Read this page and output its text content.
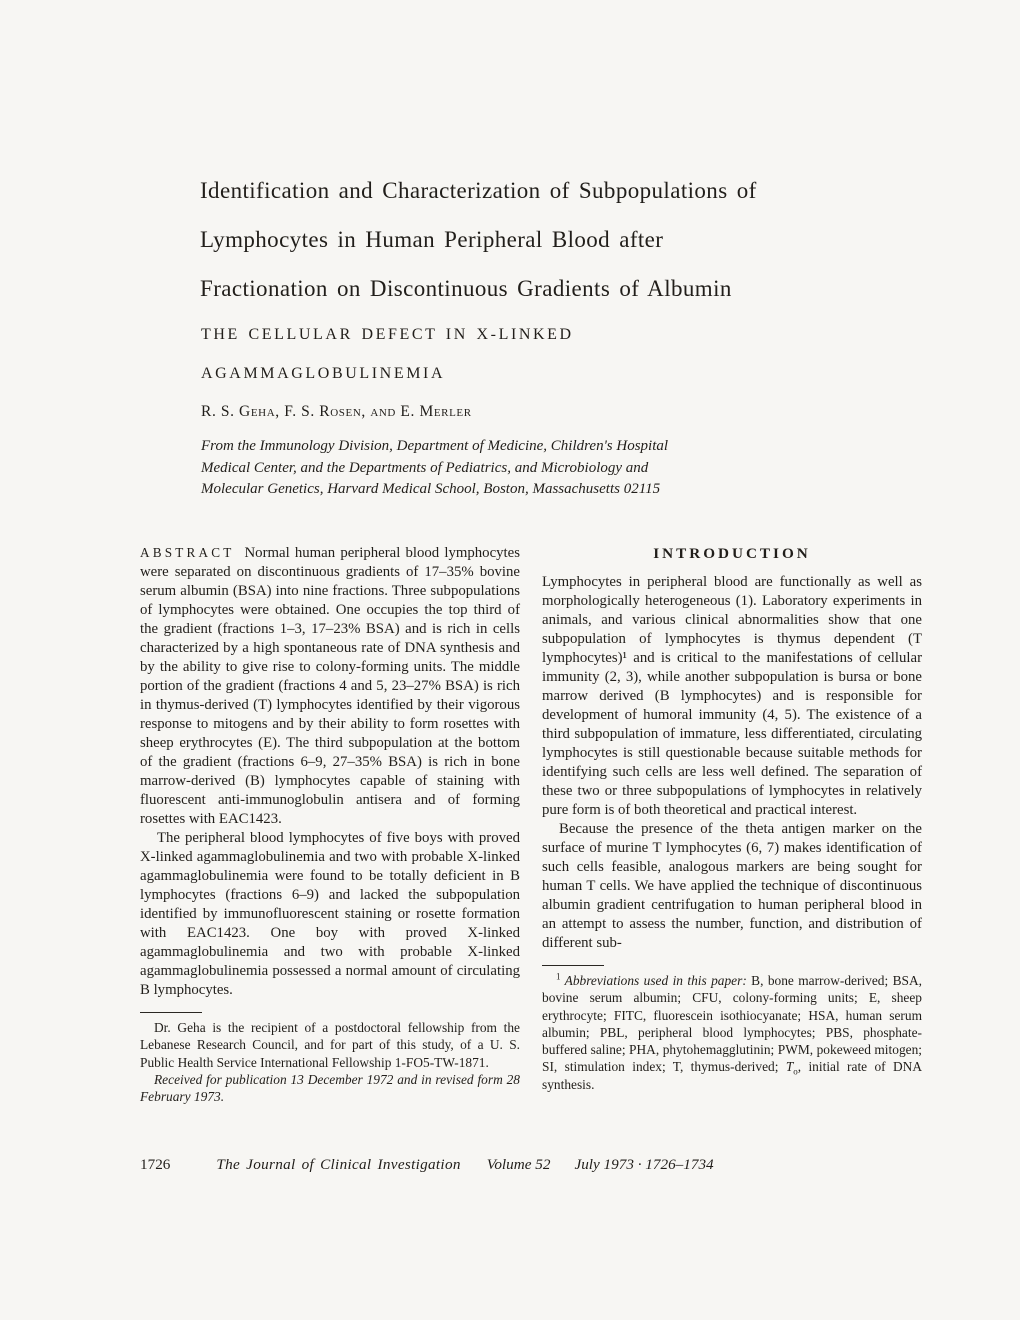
Identification and Characterization of Subpopulations of
Lymphocytes in Human Peripheral Blood after
Fractionation on Discontinuous Gradients of Albumin
THE CELLULAR DEFECT IN X-LINKED
AGAMMAGLOBULINEMIA
R. S. Geha, F. S. Rosen, and E. Merler
From the Immunology Division, Department of Medicine, Children's Hospital
Medical Center, and the Departments of Pediatrics, and Microbiology and
Molecular Genetics, Harvard Medical School, Boston, Massachusetts 02115

ABSTRACT Normal human peripheral blood lymphocytes were separated on discontinuous gradients of 17–35% bovine serum albumin (BSA) into nine fractions. Three subpopulations of lymphocytes were obtained. One occupies the top third of the gradient (fractions 1–3, 17–23% BSA) and is rich in cells characterized by a high spontaneous rate of DNA synthesis and by the ability to give rise to colony-forming units. The middle portion of the gradient (fractions 4 and 5, 23–27% BSA) is rich in thymus-derived (T) lymphocytes identified by their vigorous response to mitogens and by their ability to form rosettes with sheep erythrocytes (E). The third subpopulation at the bottom of the gradient (fractions 6–9, 27–35% BSA) is rich in bone marrow-derived (B) lymphocytes capable of staining with fluorescent anti-immunoglobulin antisera and of forming rosettes with EAC1423.

The peripheral blood lymphocytes of five boys with proved X-linked agammaglobulinemia and two with probable X-linked agammaglobulinemia were found to be totally deficient in B lymphocytes (fractions 6–9) and lacked the subpopulation identified by immunofluorescent staining or rosette formation with EAC1423. One boy with proved X-linked agammaglobulinemia and two with probable X-linked agammaglobulinemia possessed a normal amount of circulating B lymphocytes.

Dr. Geha is the recipient of a postdoctoral fellowship from the Lebanese Research Council, and for part of this study, of a U. S. Public Health Service International Fellowship 1-FO5-TW-1871.

Received for publication 13 December 1972 and in revised form 28 February 1973.

INTRODUCTION

Lymphocytes in peripheral blood are functionally as well as morphologically heterogeneous (1). Laboratory experiments in animals, and various clinical abnormalities show that one subpopulation of lymphocytes is thymus dependent (T lymphocytes)¹ and is critical to the manifestations of cellular immunity (2, 3), while another subpopulation is bursa or bone marrow derived (B lymphocytes) and is responsible for development of humoral immunity (4, 5). The existence of a third subpopulation of immature, less differentiated, circulating lymphocytes is still questionable because suitable methods for identifying such cells are less well defined. The separation of these two or three subpopulations of lymphocytes in relatively pure form is of both theoretical and practical interest.

Because the presence of the theta antigen marker on the surface of murine T lymphocytes (6, 7) makes identification of such cells feasible, analogous markers are being sought for human T cells. We have applied the technique of discontinuous albumin gradient centrifugation to human peripheral blood in an attempt to assess the number, function, and distribution of different sub-

$^1$ Abbreviations used in this paper: B, bone marrow-derived; BSA, bovine serum albumin; CFU, colony-forming units; E, sheep erythrocyte; FITC, fluorescein isothiocyanate; HSA, human serum albumin; PBL, peripheral blood lymphocytes; PBS, phosphate-buffered saline; PHA, phytohemagglutinin; PWM, pokeweed mitogen; SI, stimulation index; T, thymus-derived; $T_o$, initial rate of DNA synthesis.

1726	The Journal of Clinical Investigation Volume 52 July 1973 · 1726–1734
